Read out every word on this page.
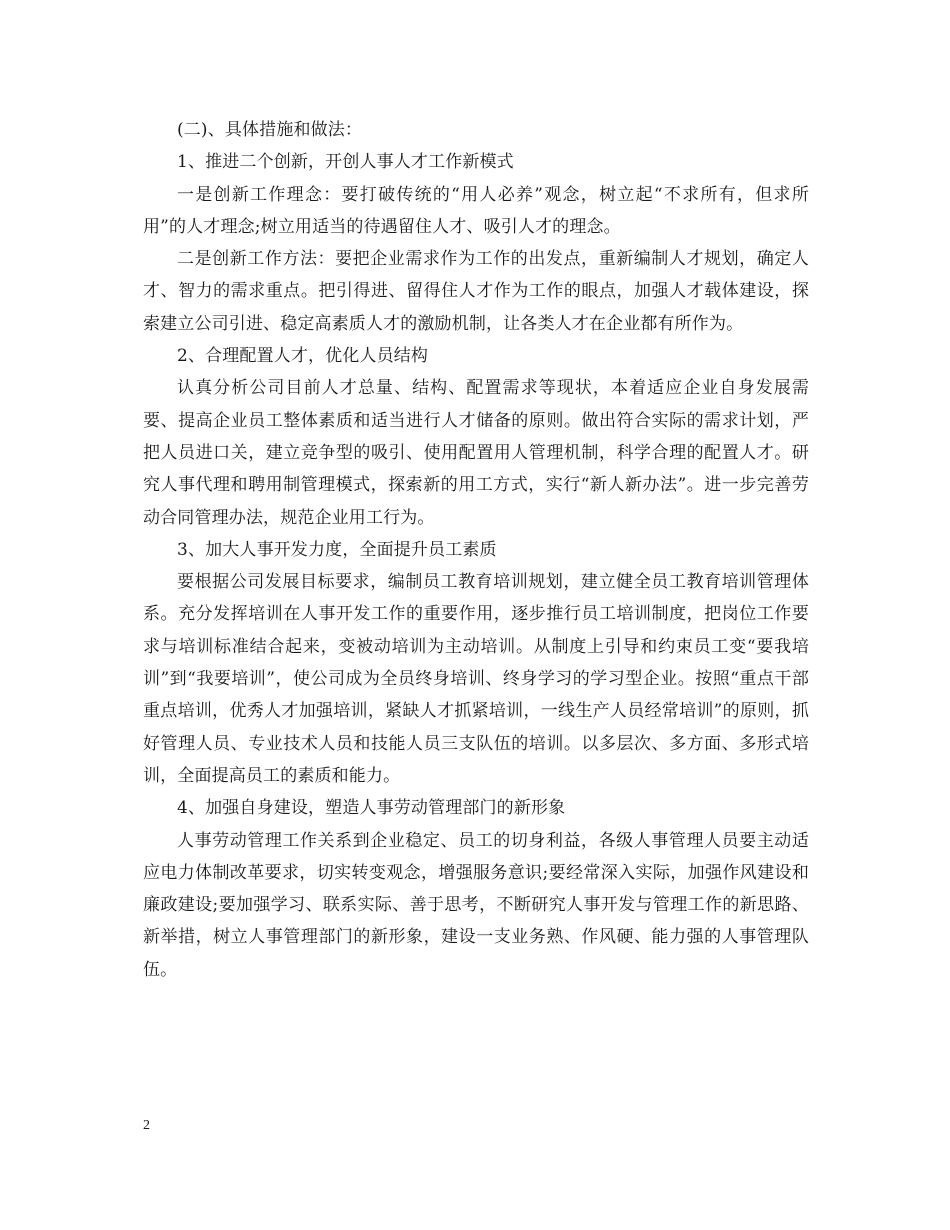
(二)、具体措施和做法：

1、推进二个创新，开创人事人才工作新模式

一是创新工作理念：要打破传统的“用人必养”观念，树立起“不求所有，但求所用”的人才理念;树立用适当的待遇留住人才、吸引人才的理念。

二是创新工作方法：要把企业需求作为工作的出发点，重新编制人才规划，确定人才、智力的需求重点。把引得进、留得住人才作为工作的眼点，加强人才载体建设，探索建立公司引进、稳定高素质人才的激励机制，让各类人才在企业都有所作为。

2、合理配置人才，优化人员结构

认真分析公司目前人才总量、结构、配置需求等现状，本着适应企业自身发展需要、提高企业员工整体素质和适当进行人才储备的原则。做出符合实际的需求计划，严把人员进口关，建立竞争型的吸引、使用配置用人管理机制，科学合理的配置人才。研究人事代理和聘用制管理模式，探索新的用工方式，实行“新人新办法”。进一步完善劳动合同管理办法，规范企业用工行为。

3、加大人事开发力度，全面提升员工素质

要根据公司发展目标要求，编制员工教育培训规划，建立健全员工教育培训管理体系。充分发挥培训在人事开发工作的重要作用，逐步推行员工培训制度，把岗位工作要求与培训标准结合起来，变被动培训为主动培训。从制度上引导和约束员工变“要我培训”到“我要培训”，使公司成为全员终身培训、终身学习的学习型企业。按照“重点干部重点培训，优秀人才加强培训，紧缺人才抓紧培训，一线生产人员经常培训”的原则，抓好管理人员、专业技术人员和技能人员三支队伍的培训。以多层次、多方面、多形式培训，全面提高员工的素质和能力。

4、加强自身建设，塑造人事劳动管理部门的新形象

人事劳动管理工作关系到企业稳定、员工的切身利益，各级人事管理人员要主动适应电力体制改革要求，切实转变观念，增强服务意识;要经常深入实际，加强作风建设和廉政建设;要加强学习、联系实际、善于思考，不断研究人事开发与管理工作的新思路、新举措，树立人事管理部门的新形象，建设一支业务熟、作风硬、能力强的人事管理队伍。

2
